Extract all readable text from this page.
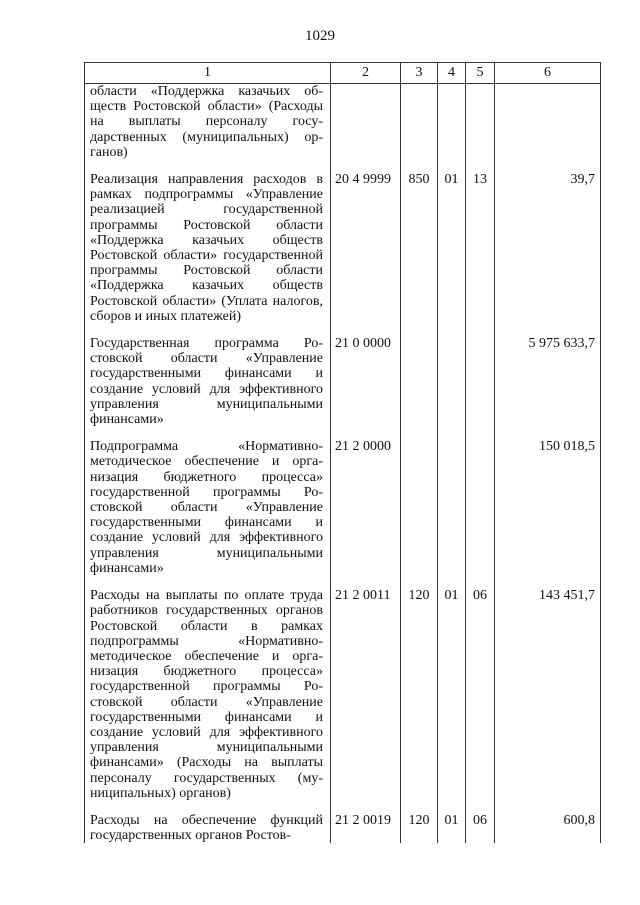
1029
1	2	3	4	5	6
области «Поддержка казачьих обществ Ростовской области» (Расходы на выплаты персоналу государственных (муниципальных) органов)					
Реализация направления расходов в рамках подпрограммы «Управление реализацией государственной программы Ростовской области «Поддержка казачьих обществ Ростовской области» государственной программы Ростовской области «Поддержка казачьих обществ Ростовской области» (Уплата налогов, сборов и иных платежей)	20 4 9999	850	01	13	39,7
Государственная программа Ростовской области «Управление государственными финансами и создание условий для эффективного управления муниципальными финансами»	21 0 0000				5 975 633,7
Подпрограмма «Нормативно-методическое обеспечение и организация бюджетного процесса» государственной программы Ростовской области «Управление государственными финансами и создание условий для эффективного управления муниципальными финансами»	21 2 0000				150 018,5
Расходы на выплаты по оплате труда работников государственных органов Ростовской области в рамках подпрограммы «Нормативно-методическое обеспечение и организация бюджетного процесса» государственной программы Ростовской области «Управление государственными финансами и создание условий для эффективного управления муниципальными финансами» (Расходы на выплаты персоналу государственных (муниципальных) органов)	21 2 0011	120	01	06	143 451,7
Расходы на обеспечение функций государственных органов Ростов-	21 2 0019	120	01	06	600,8
